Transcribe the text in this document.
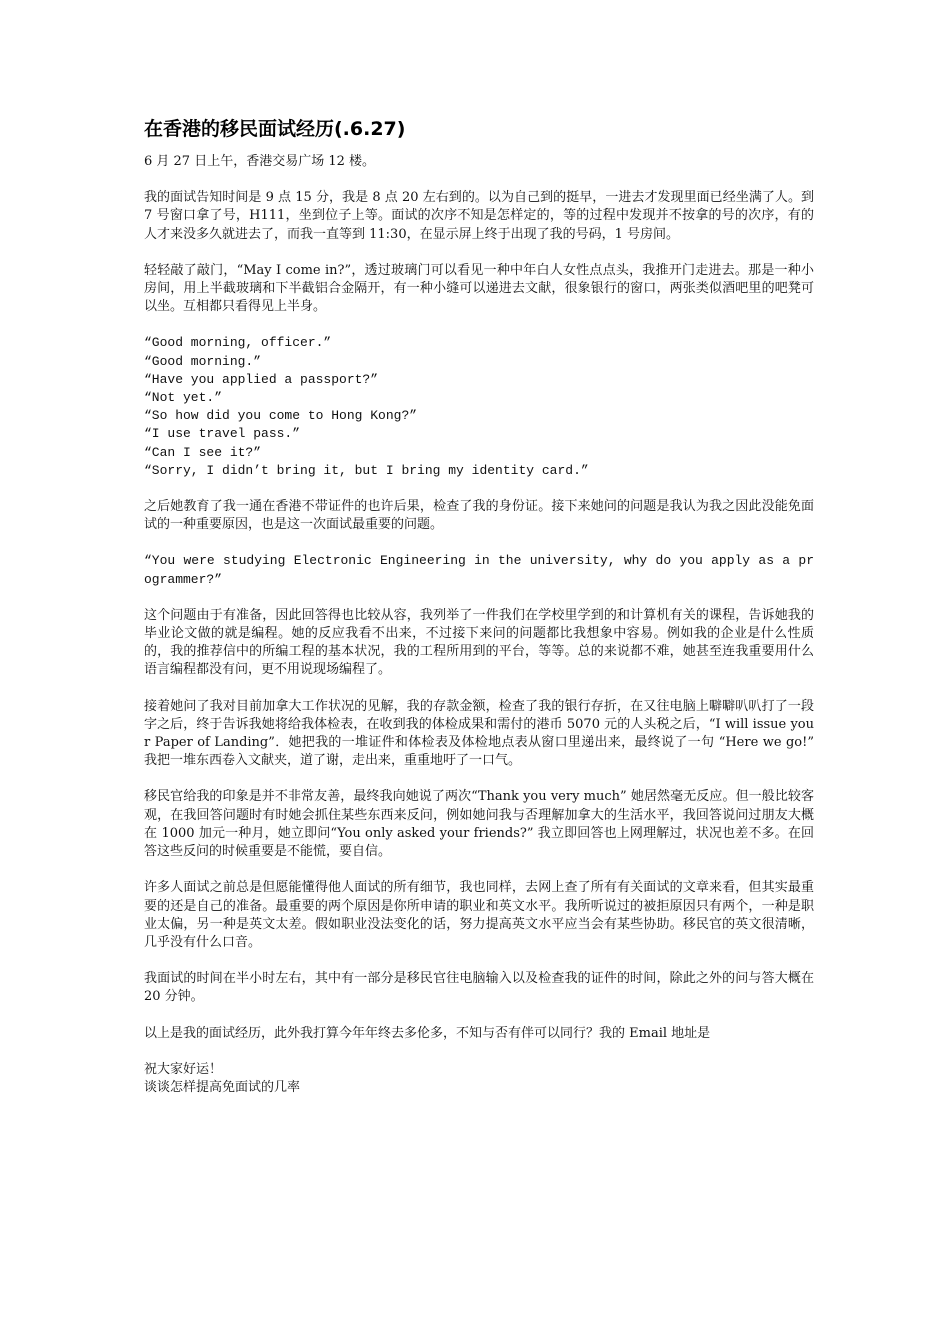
在香港的移民面试经历(.6.27)

6 月 27 日上午，香港交易广场 12 楼。

我的面试告知时间是 9 点 15 分，我是 8 点 20 左右到的。以为自己到的挺早，一进去才发现里面已经坐满了人。到 7 号窗口拿了号，H111，坐到位子上等。面试的次序不知是怎样定的，等的过程中发现并不按拿的号的次序，有的人才来没多久就进去了，而我一直等到 11:30，在显示屏上终于出现了我的号码，1 号房间。

轻轻敲了敲门，“May I come in?”，透过玻璃门可以看见一种中年白人女性点点头，我推开门走进去。那是一种小房间，用上半截玻璃和下半截铝合金隔开，有一种小缝可以递进去文献，很象银行的窗口，两张类似酒吧里的吧凳可以坐。互相都只看得见上半身。

“Good morning, officer.”
“Good morning.”
“Have you applied a passport?”
“Not yet.”
“So how did you come to Hong Kong?”
“I use travel pass.”
“Can I see it?”
“Sorry, I didn’t bring it, but I bring my identity card.”

之后她教育了我一通在香港不带证件的也许后果，检查了我的身份证。接下来她问的问题是我认为我之因此没能免面试的一种重要原因，也是这一次面试最重要的问题。

“You were studying Electronic Engineering in the university, why do you apply as a programmer?”

这个问题由于有准备，因此回答得也比较从容，我列举了一件我们在学校里学到的和计算机有关的课程，告诉她我的毕业论文做的就是编程。她的反应我看不出来，不过接下来问的问题都比我想象中容易。例如我的企业是什么性质的，我的推荐信中的所编工程的基本状况，我的工程所用到的平台，等等。总的来说都不难，她甚至连我重要用什么语言编程都没有问，更不用说现场编程了。

接着她问了我对目前加拿大工作状况的见解，我的存款金额，检查了我的银行存折，在又往电脑上噼噼叭叭打了一段字之后，终于告诉我她将给我体检表，在收到我的体检成果和需付的港币 5070 元的人头税之后，“I will issue your Paper of Landing”．她把我的一堆证件和体检表及体检地点表从窗口里递出来，最终说了一句 “Here we go!” 我把一堆东西卷入文献夹，道了谢，走出来，重重地吁了一口气。

移民官给我的印象是并不非常友善，最终我向她说了两次“Thank you very much” 她居然毫无反应。但一般比较客观，在我回答问题时有时她会抓住某些东西来反问，例如她问我与否理解加拿大的生活水平，我回答说问过朋友大概在 1000 加元一种月，她立即问“You only asked your friends?” 我立即回答也上网理解过，状况也差不多。在回答这些反问的时候重要是不能慌，要自信。

许多人面试之前总是但愿能懂得他人面试的所有细节，我也同样，去网上查了所有有关面试的文章来看，但其实最重要的还是自己的准备。最重要的两个原因是你所申请的职业和英文水平。我所听说过的被拒原因只有两个，一种是职业太偏，另一种是英文太差。假如职业没法变化的话，努力提高英文水平应当会有某些协助。移民官的英文很清晰，几乎没有什么口音。

我面试的时间在半小时左右，其中有一部分是移民官往电脑输入以及检查我的证件的时间，除此之外的问与答大概在 20 分钟。

以上是我的面试经历，此外我打算今年年终去多伦多，不知与否有伴可以同行？我的 Email 地址是

祝大家好运！
谈谈怎样提高免面试的几率
